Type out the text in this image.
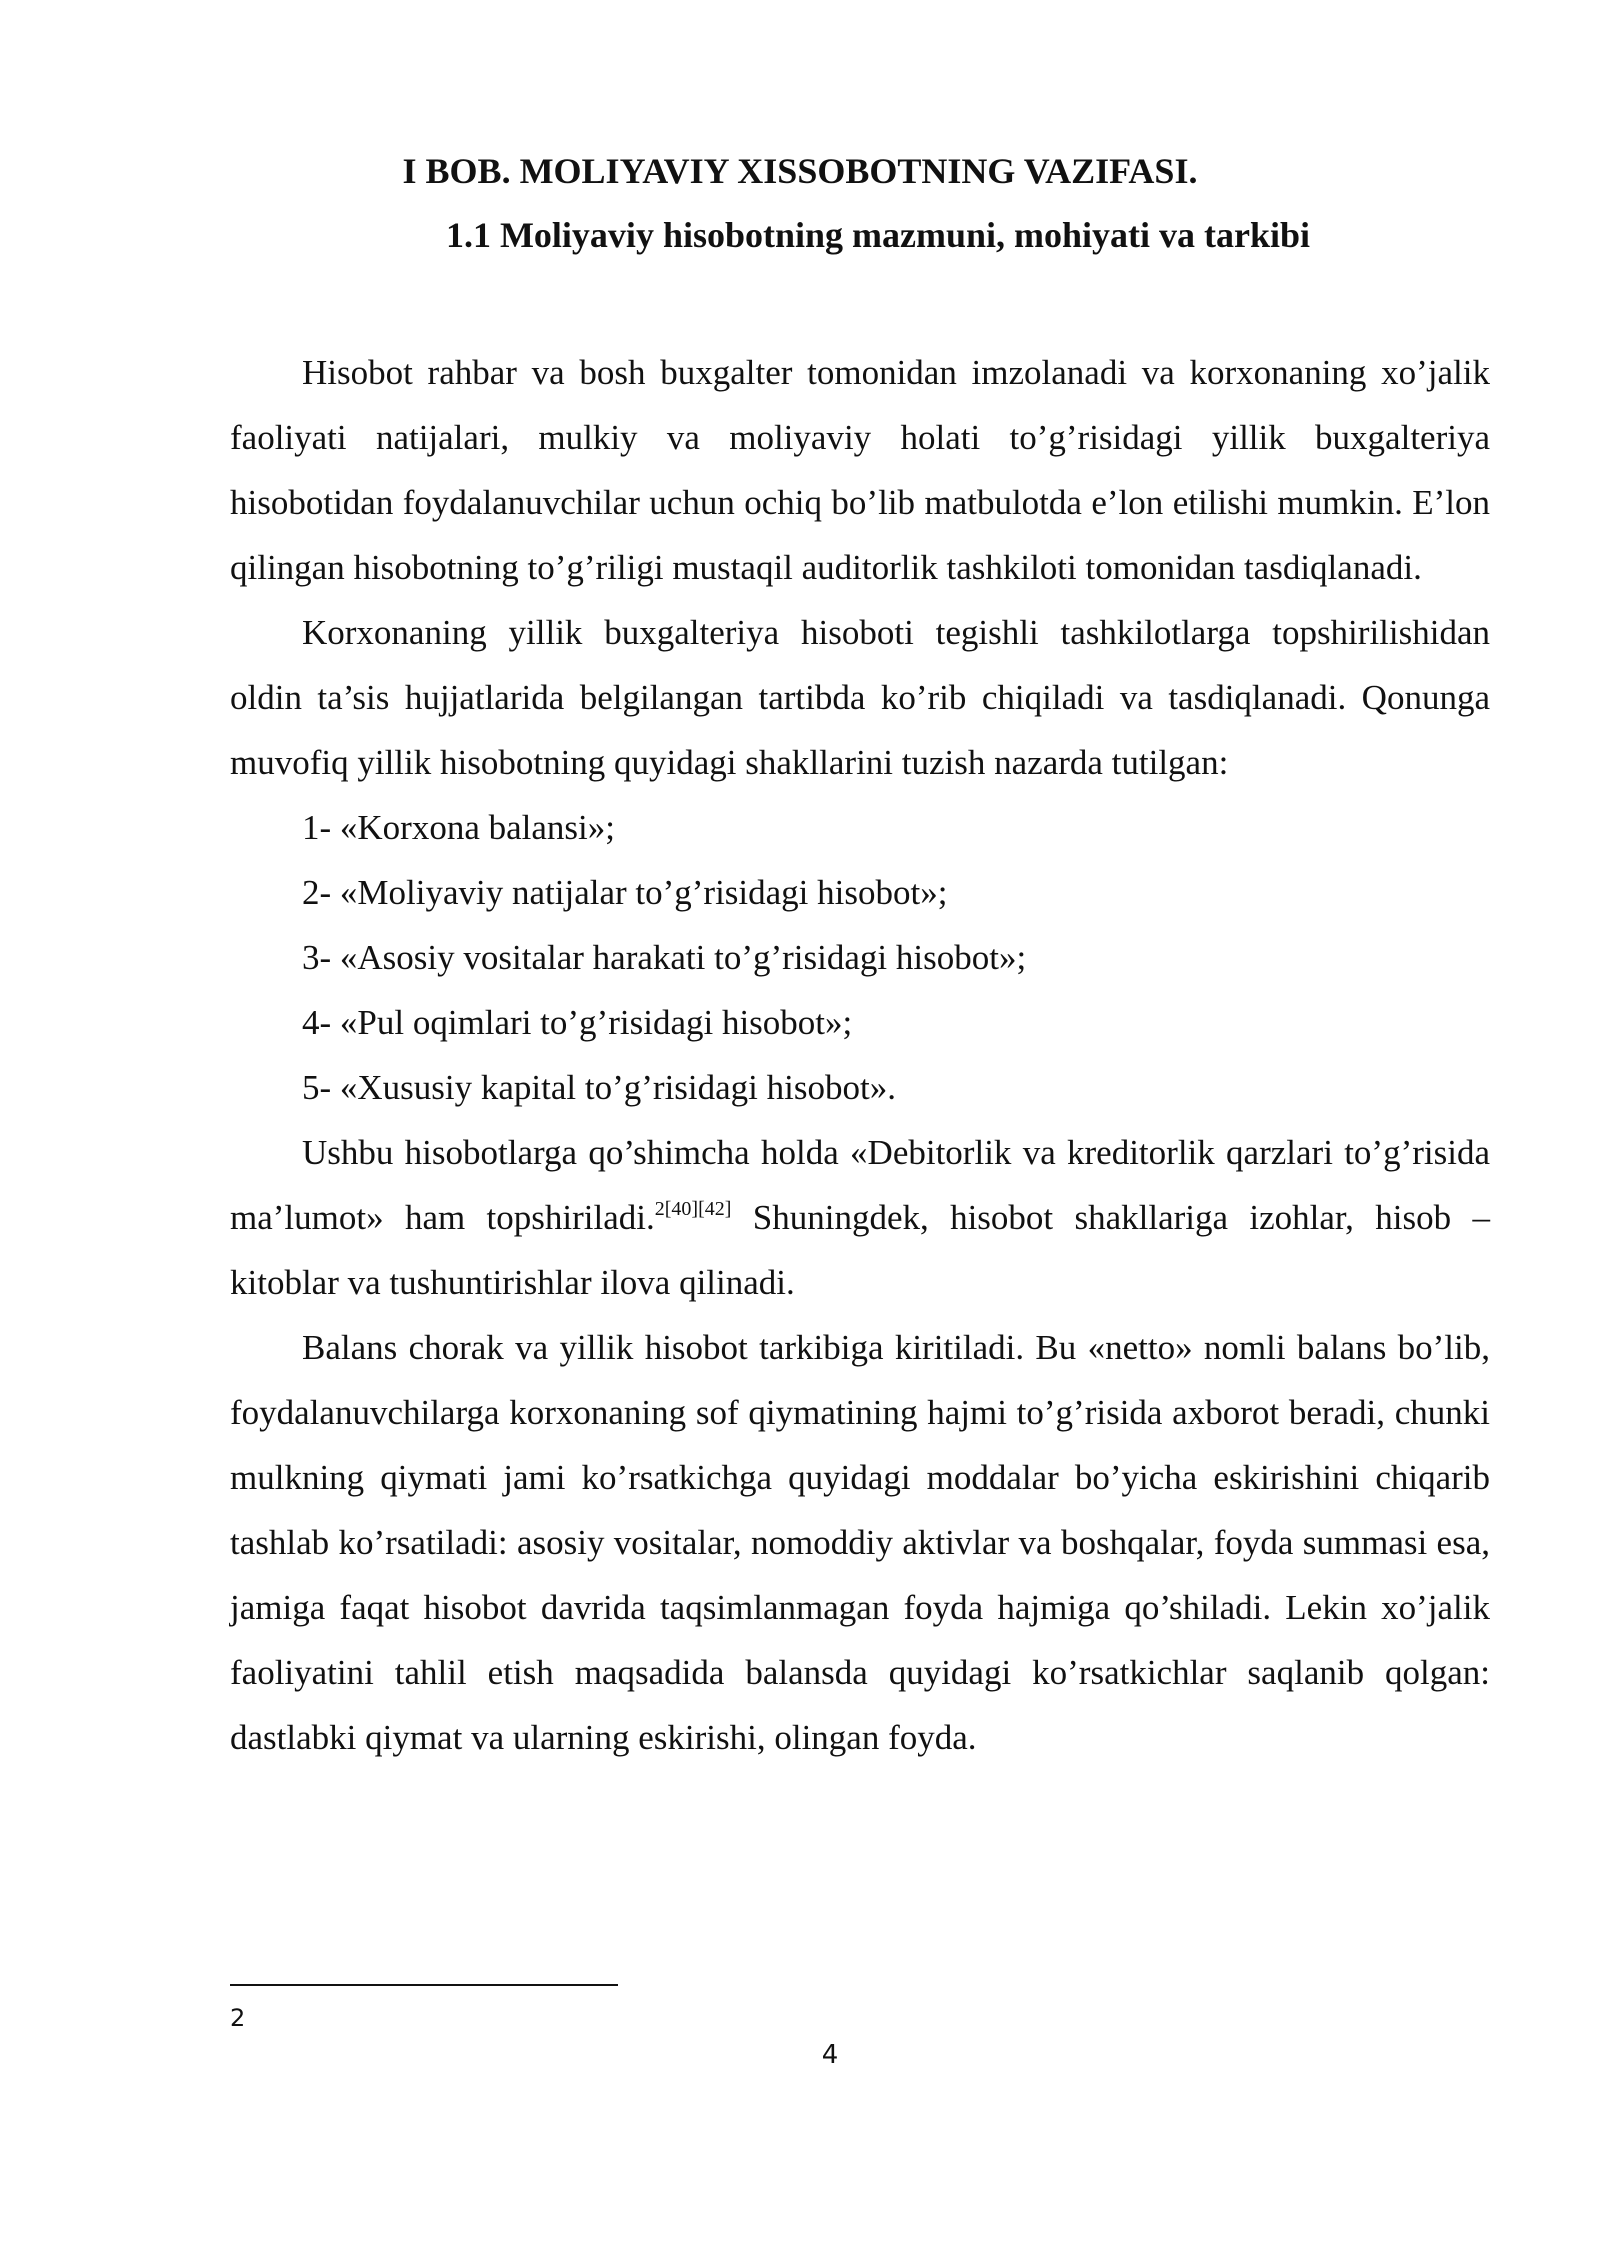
I BOB. MOLIYAVIY XISSOBOTNING VAZIFASI.
1.1 Moliyaviy hisobotning mazmuni, mohiyati va tarkibi

Hisobot rahbar va bosh buxgalter tomonidan imzolanadi va korxonaning xo’jalik faoliyati natijalari, mulkiy va moliyaviy holati to’g’risidagi yillik buxgalteriya hisobotidan foydalanuvchilar uchun ochiq bo’lib matbulotda e’lon etilishi mumkin. E’lon qilingan hisobotning to’g’riligi mustaqil auditorlik tashkiloti tomonidan tasdiqlanadi.

Korxonaning yillik buxgalteriya hisoboti tegishli tashkilotlarga topshirilishidan oldin ta’sis hujjatlarida belgilangan tartibda ko’rib chiqiladi va tasdiqlanadi. Qonunga muvofiq yillik hisobotning quyidagi shakllarini tuzish nazarda tutilgan:

1- «Korxona balansi»;

2- «Moliyaviy natijalar to’g’risidagi hisobot»;

3- «Asosiy vositalar harakati to’g’risidagi hisobot»;

4- «Pul oqimlari to’g’risidagi hisobot»;

5- «Xususiy kapital to’g’risidagi hisobot».

Ushbu hisobotlarga qo’shimcha holda «Debitorlik va kreditorlik qarzlari to’g’risida ma’lumot» ham topshiriladi.$^{2[40][42]}$ Shuningdek, hisobot shakllariga izohlar, hisob – kitoblar va tushuntirishlar ilova qilinadi.

Balans chorak va yillik hisobot tarkibiga kiritiladi. Bu «netto» nomli balans bo’lib, foydalanuvchilarga korxonaning sof qiymatining hajmi to’g’risida axborot beradi, chunki mulkning qiymati jami ko’rsatkichga quyidagi moddalar bo’yicha eskirishini chiqarib tashlab ko’rsatiladi: asosiy vositalar, nomoddiy aktivlar va boshqalar, foyda summasi esa, jamiga faqat hisobot davrida taqsimlanmagan foyda hajmiga qo’shiladi. Lekin xo’jalik faoliyatini tahlil etish maqsadida balansda quyidagi ko’rsatkichlar saqlanib qolgan: dastlabki qiymat va ularning eskirishi, olingan foyda.

2
4
